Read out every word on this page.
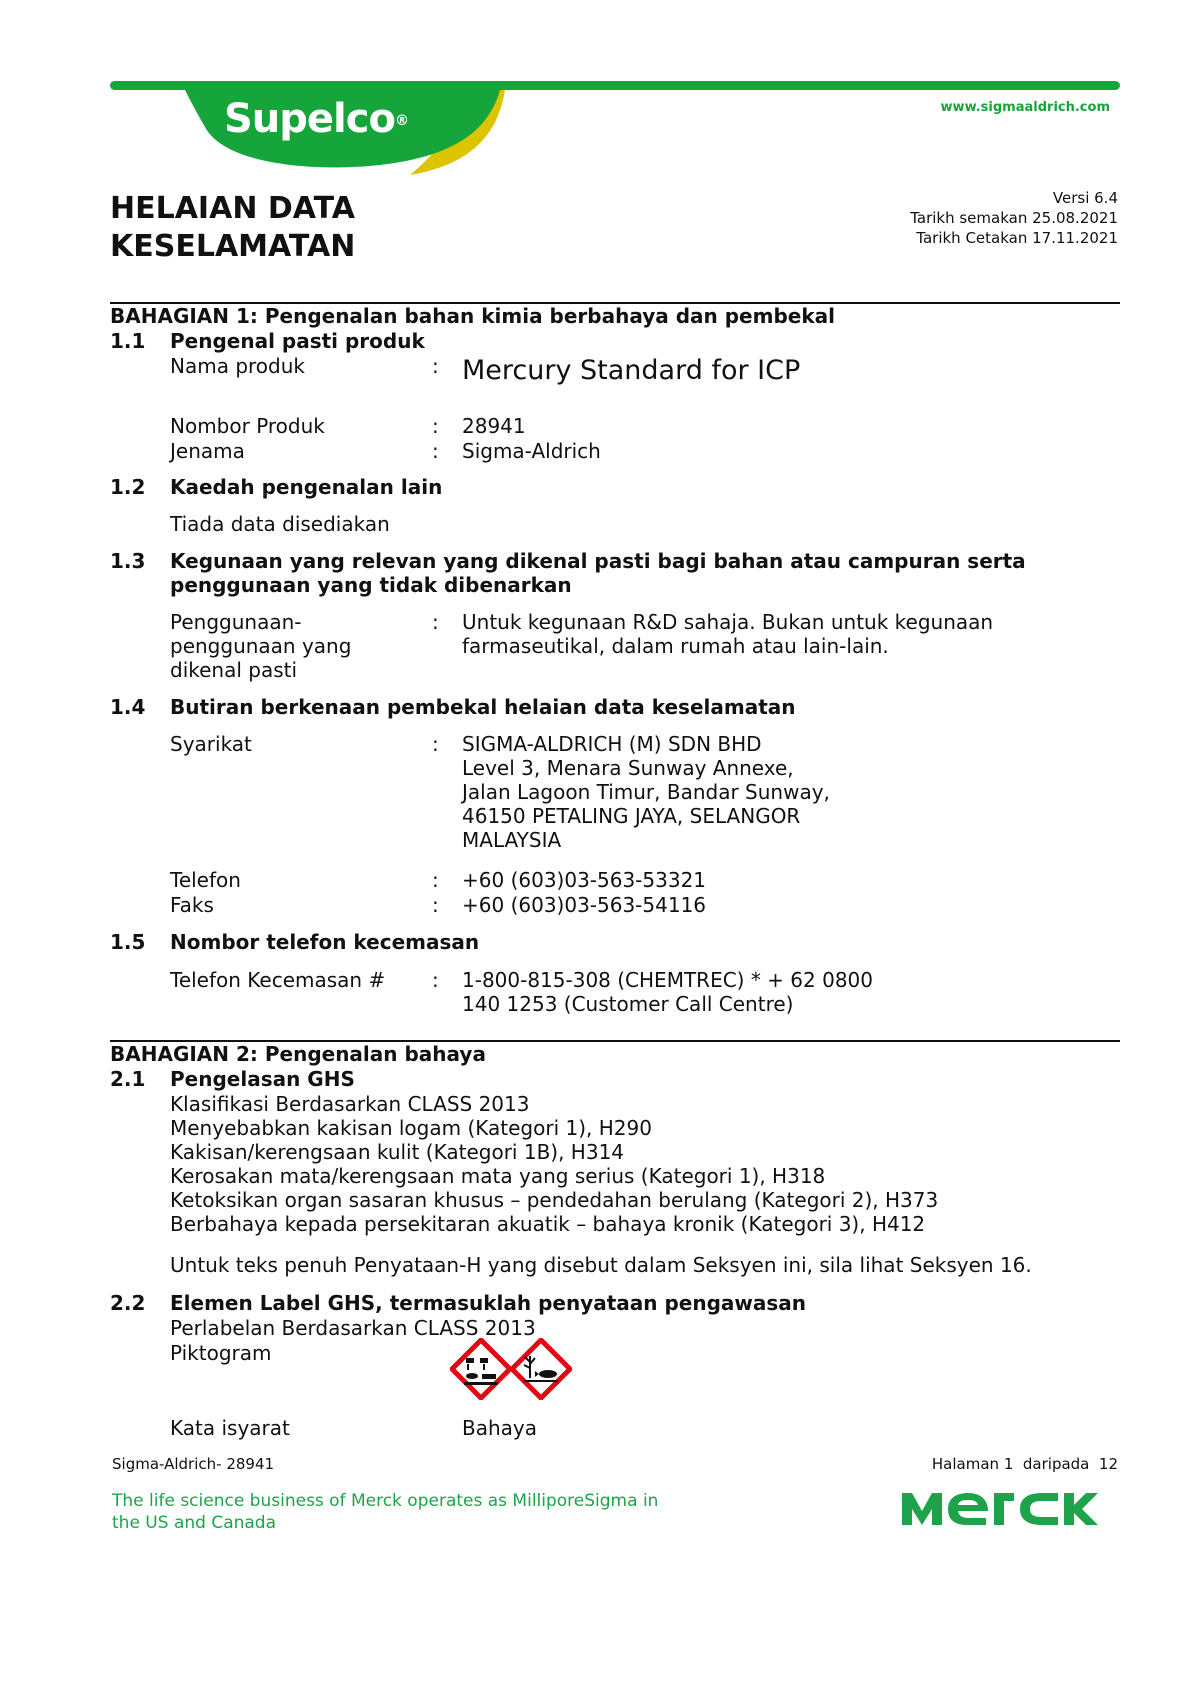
Supelco®
www.sigmaaldrich.com
HELAIAN DATA
KESELAMATAN
Versi 6.4
Tarikh semakan 25.08.2021
Tarikh Cetakan 17.11.2021
BAHAGIAN 1: Pengenalan bahan kimia berbahaya dan pembekal
1.1 Pengenal pasti produk
Nama produk	: Mercury Standard for ICP
Nombor Produk	: 28941
Jenama	: Sigma-Aldrich
1.2 Kaedah pengenalan lain
Tiada data disediakan
1.3 Kegunaan yang relevan yang dikenal pasti bagi bahan atau campuran serta
penggunaan yang tidak dibenarkan
Penggunaan-
penggunaan yang
dikenal pasti
: Untuk kegunaan R&D sahaja. Bukan untuk kegunaan
farmaseutikal, dalam rumah atau lain-lain.
1.4 Butiran berkenaan pembekal helaian data keselamatan
Syarikat	: SIGMA-ALDRICH (M) SDN BHD
Level 3, Menara Sunway Annexe,
Jalan Lagoon Timur, Bandar Sunway,
46150 PETALING JAYA, SELANGOR
MALAYSIA
Telefon	: +60 (603)03-563-53321
Faks	: +60 (603)03-563-54116
1.5 Nombor telefon kecemasan
Telefon Kecemasan # : 1-800-815-308 (CHEMTREC) * + 62 0800
140 1253 (Customer Call Centre)
BAHAGIAN 2: Pengenalan bahaya
2.1 Pengelasan GHS
Klasifikasi Berdasarkan CLASS 2013
Menyebabkan kakisan logam (Kategori 1), H290
Kakisan/kerengsaan kulit (Kategori 1B), H314
Kerosakan mata/kerengsaan mata yang serius (Kategori 1), H318
Ketoksikan organ sasaran khusus – pendedahan berulang (Kategori 2), H373
Berbahaya kepada persekitaran akuatik – bahaya kronik (Kategori 3), H412
Untuk teks penuh Penyataan-H yang disebut dalam Seksyen ini, sila lihat Seksyen 16.
2.2 Elemen Label GHS, termasuklah penyataan pengawasan
Perlabelan Berdasarkan CLASS 2013
Piktogram
Kata isyarat	Bahaya
Sigma-Aldrich- 28941	Halaman 1  daripada  12
The life science business of Merck operates as MilliporeSigma in
the US and Canada
